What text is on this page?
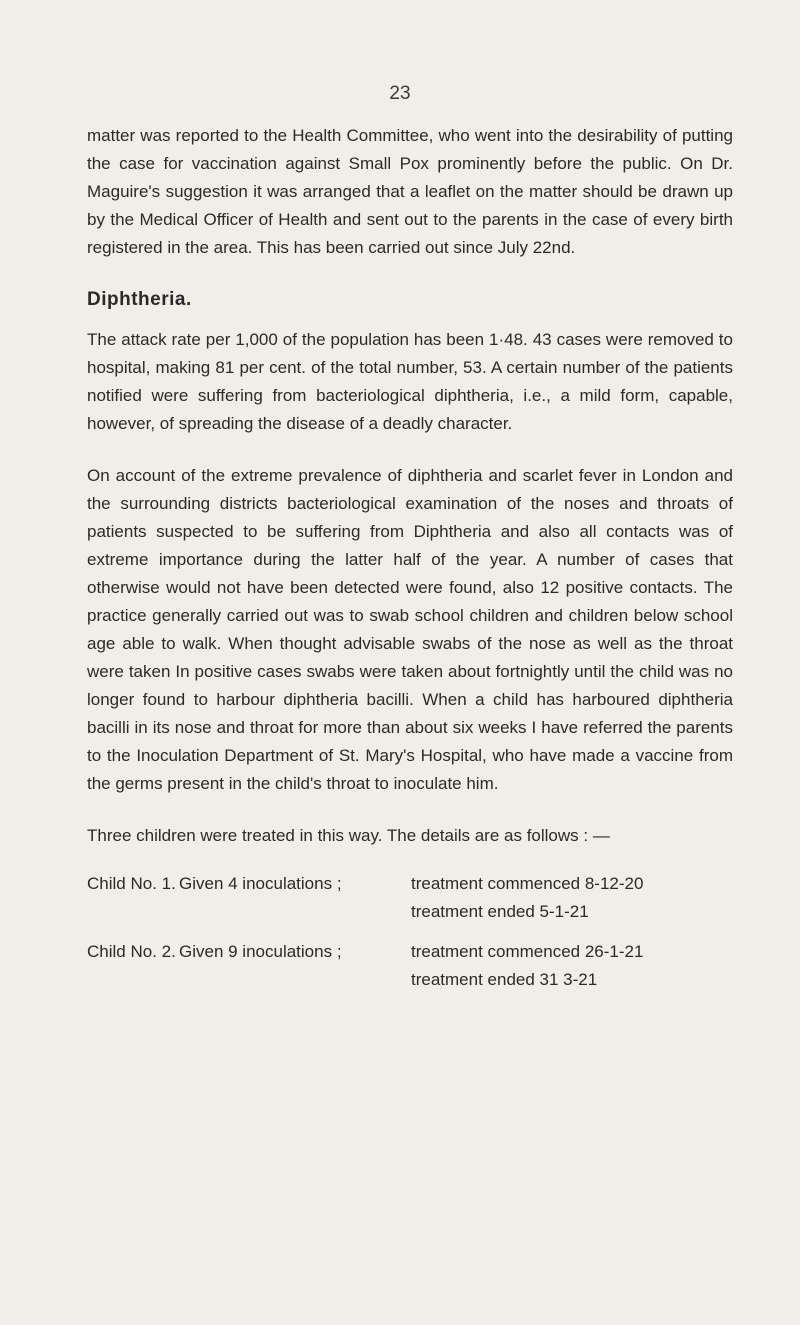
23

matter was reported to the Health Committee, who went into the desirability of putting the case for vaccination against Small Pox prominently before the public. On Dr. Maguire's suggestion it was arranged that a leaflet on the matter should be drawn up by the Medical Officer of Health and sent out to the parents in the case of every birth registered in the area. This has been carried out since July 22nd.

Diphtheria.

The attack rate per 1,000 of the population has been 1·48. 43 cases were removed to hospital, making 81 per cent. of the total number, 53. A certain number of the patients notified were suffering from bacteriological diphtheria, i.e., a mild form, capable, however, of spreading the disease of a deadly character.

On account of the extreme prevalence of diphtheria and scarlet fever in London and the surrounding districts bacteriological examination of the noses and throats of patients suspected to be suffering from Diphtheria and also all contacts was of extreme importance during the latter half of the year. A number of cases that otherwise would not have been detected were found, also 12 positive contacts. The practice generally carried out was to swab school children and children below school age able to walk. When thought advisable swabs of the nose as well as the throat were taken In positive cases swabs were taken about fortnightly until the child was no longer found to harbour diphtheria bacilli. When a child has harboured diphtheria bacilli in its nose and throat for more than about six weeks I have referred the parents to the Inoculation Department of St. Mary's Hospital, who have made a vaccine from the germs present in the child's throat to inoculate him.

Three children were treated in this way. The details are as follows : —

Child No. 1. Given 4 inoculations ;	treatment commenced 8-12-20
treatment ended 5-1-21
Child No. 2. Given 9 inoculations ;	treatment commenced 26-1-21
treatment ended 31 3-21
